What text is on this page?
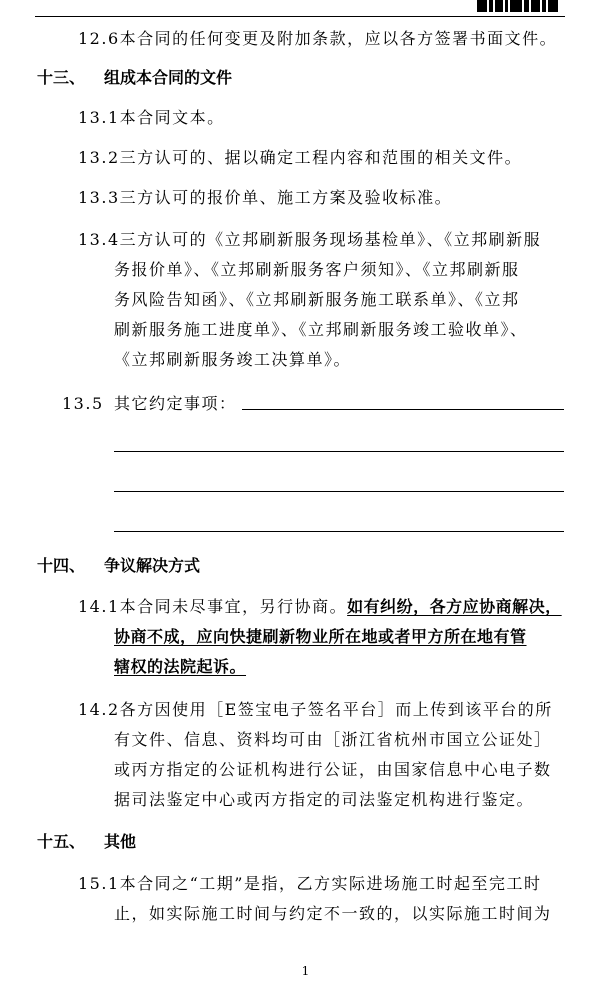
12.6本合同的任何变更及附加条款，应以各方签署书面文件。
十三、 组成本合同的文件
13.1本合同文本。
13.2三方认可的、据以确定工程内容和范围的相关文件。
13.3三方认可的报价单、施工方案及验收标准。
13.4三方认可的《立邦刷新服务现场基检单》、《立邦刷新服
务报价单》、《立邦刷新服务客户须知》、《立邦刷新服
务风险告知函》、《立邦刷新服务施工联系单》、《立邦
刷新服务施工进度单》、《立邦刷新服务竣工验收单》、
《立邦刷新服务竣工决算单》。
13.5 其它约定事项：
十四、 争议解决方式
14.1本合同未尽事宜，另行协商。如有纠纷，各方应协商解决，
协商不成，应向快捷刷新物业所在地或者甲方所在地有管
辖权的法院起诉。
14.2各方因使用［E签宝电子签名平台］而上传到该平台的所
有文件、信息、资料均可由［浙江省杭州市国立公证处］
或丙方指定的公证机构进行公证，由国家信息中心电子数
据司法鉴定中心或丙方指定的司法鉴定机构进行鉴定。
十五、 其他
15.1本合同之“工期”是指，乙方实际进场施工时起至完工时
止，如实际施工时间与约定不一致的，以实际施工时间为
1
